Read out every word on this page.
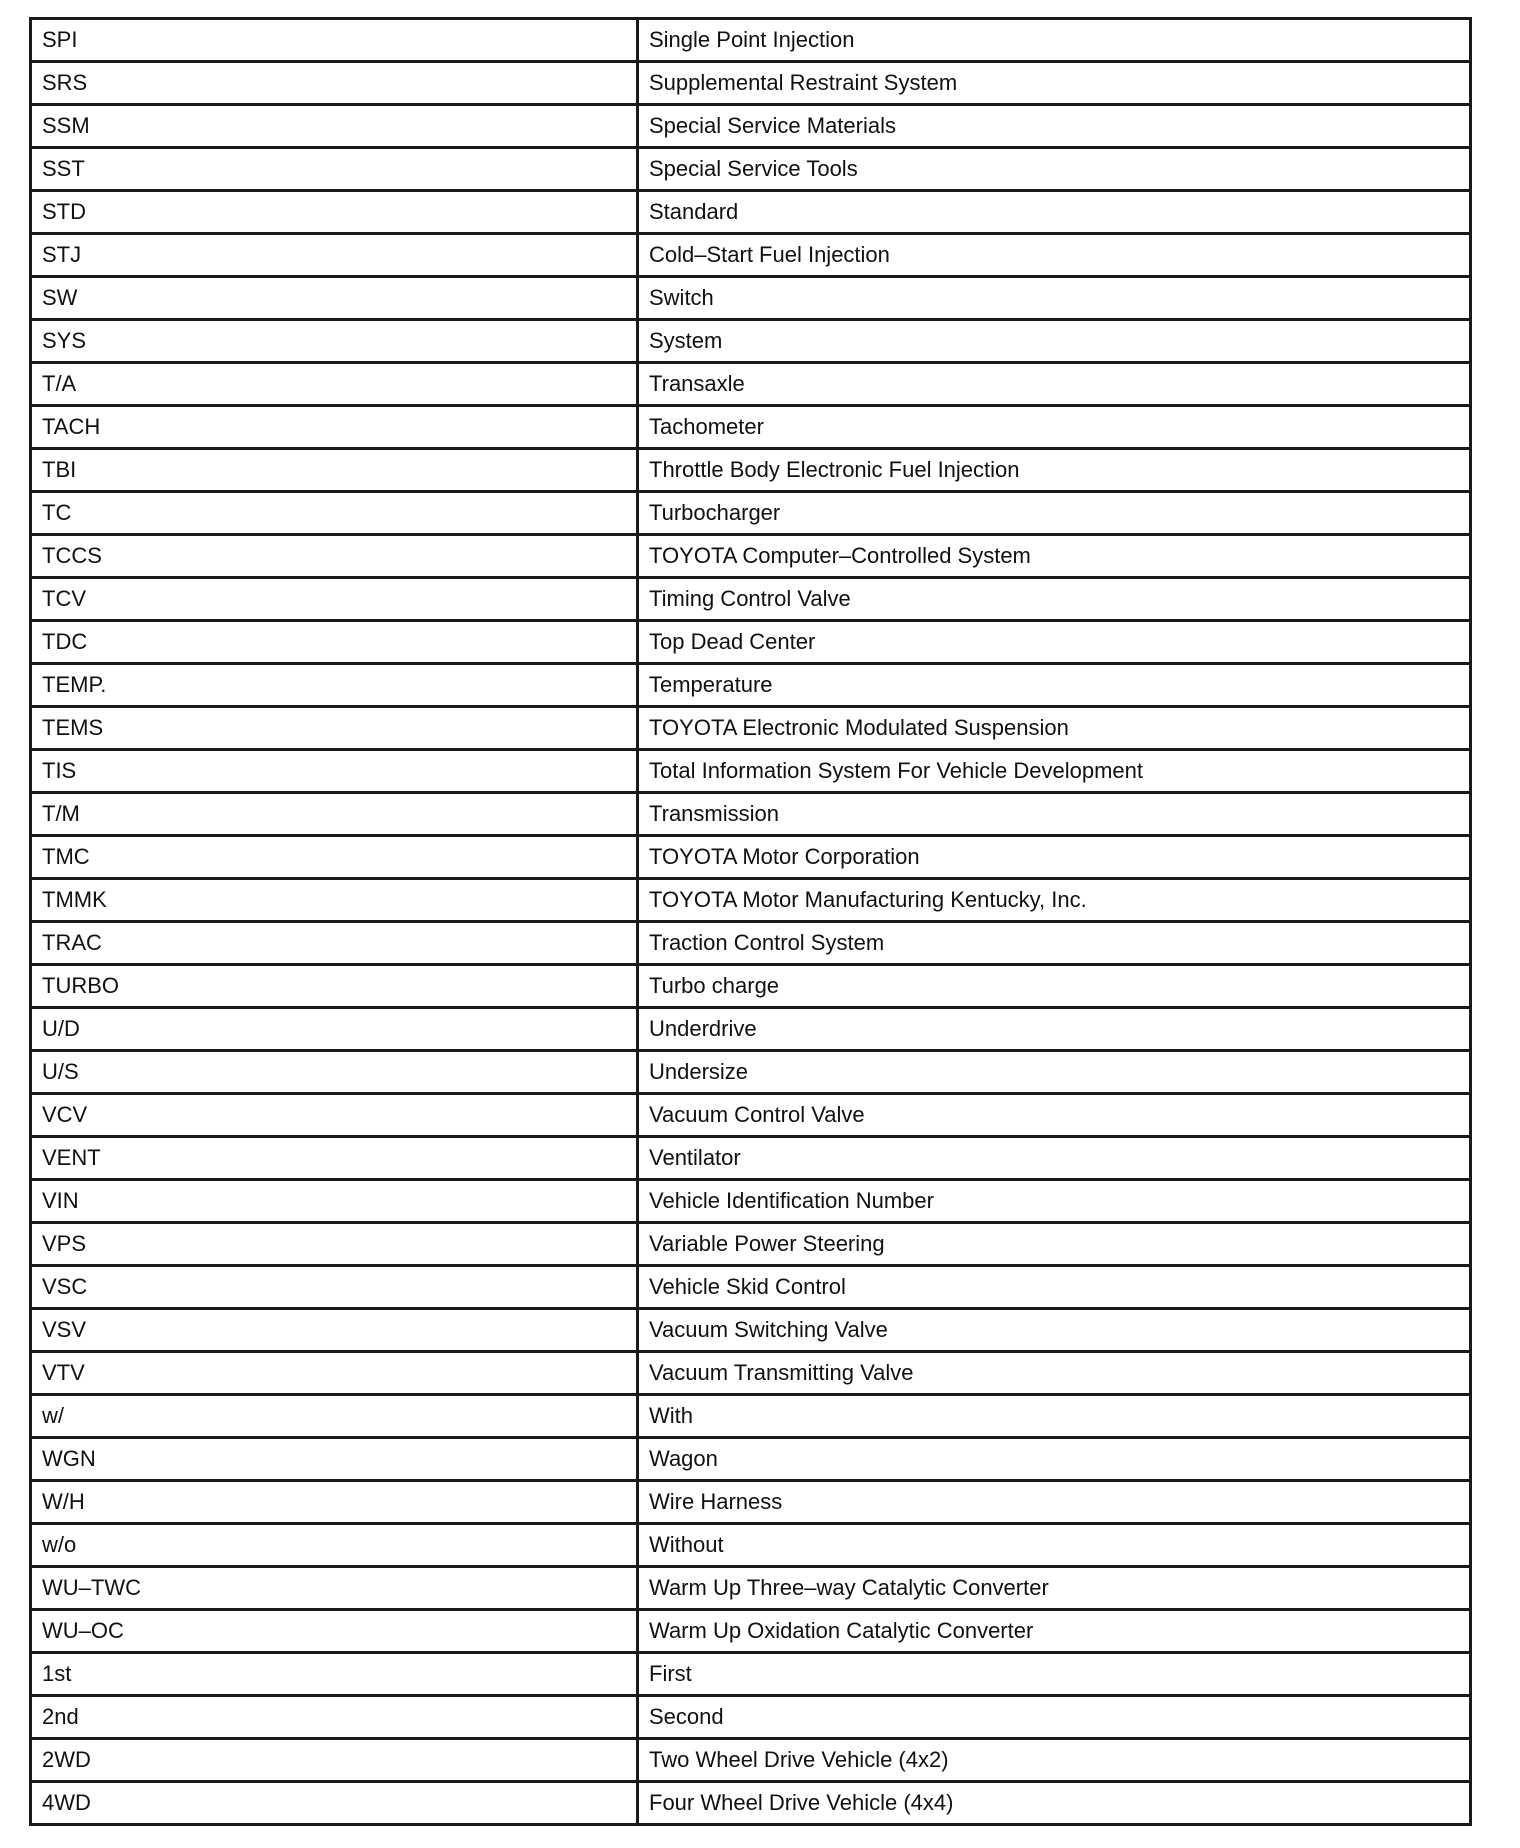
SPI	Single Point Injection
SRS	Supplemental Restraint System
SSM	Special Service Materials
SST	Special Service Tools
STD	Standard
STJ	Cold–Start Fuel Injection
SW	Switch
SYS	System
T/A	Transaxle
TACH	Tachometer
TBI	Throttle Body Electronic Fuel Injection
TC	Turbocharger
TCCS	TOYOTA Computer–Controlled System
TCV	Timing Control Valve
TDC	Top Dead Center
TEMP.	Temperature
TEMS	TOYOTA Electronic Modulated Suspension
TIS	Total Information System For Vehicle Development
T/M	Transmission
TMC	TOYOTA Motor Corporation
TMMK	TOYOTA Motor Manufacturing Kentucky, Inc.
TRAC	Traction Control System
TURBO	Turbo charge
U/D	Underdrive
U/S	Undersize
VCV	Vacuum Control Valve
VENT	Ventilator
VIN	Vehicle Identification Number
VPS	Variable Power Steering
VSC	Vehicle Skid Control
VSV	Vacuum Switching Valve
VTV	Vacuum Transmitting Valve
w/	With
WGN	Wagon
W/H	Wire Harness
w/o	Without
WU–TWC	Warm Up Three–way Catalytic Converter
WU–OC	Warm Up Oxidation Catalytic Converter
1st	First
2nd	Second
2WD	Two Wheel Drive Vehicle (4x2)
4WD	Four Wheel Drive Vehicle (4x4)
